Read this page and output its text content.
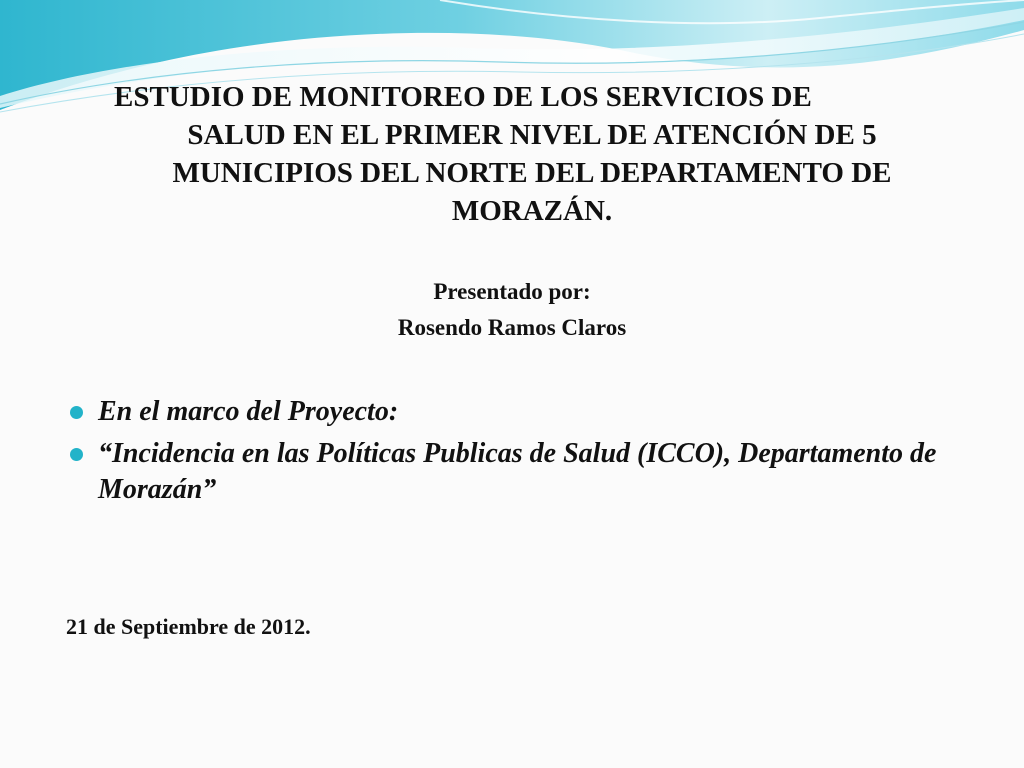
ESTUDIO DE MONITOREO DE LOS SERVICIOS DE
SALUD EN EL PRIMER NIVEL DE ATENCIÓN DE 5
MUNICIPIOS DEL NORTE DEL DEPARTAMENTO DE
MORAZÁN.
Presentado por:
Rosendo Ramos Claros
En el marco del Proyecto:
“Incidencia en las Políticas Publicas de Salud (ICCO), Departamento de Morazán”
21 de Septiembre de 2012.
